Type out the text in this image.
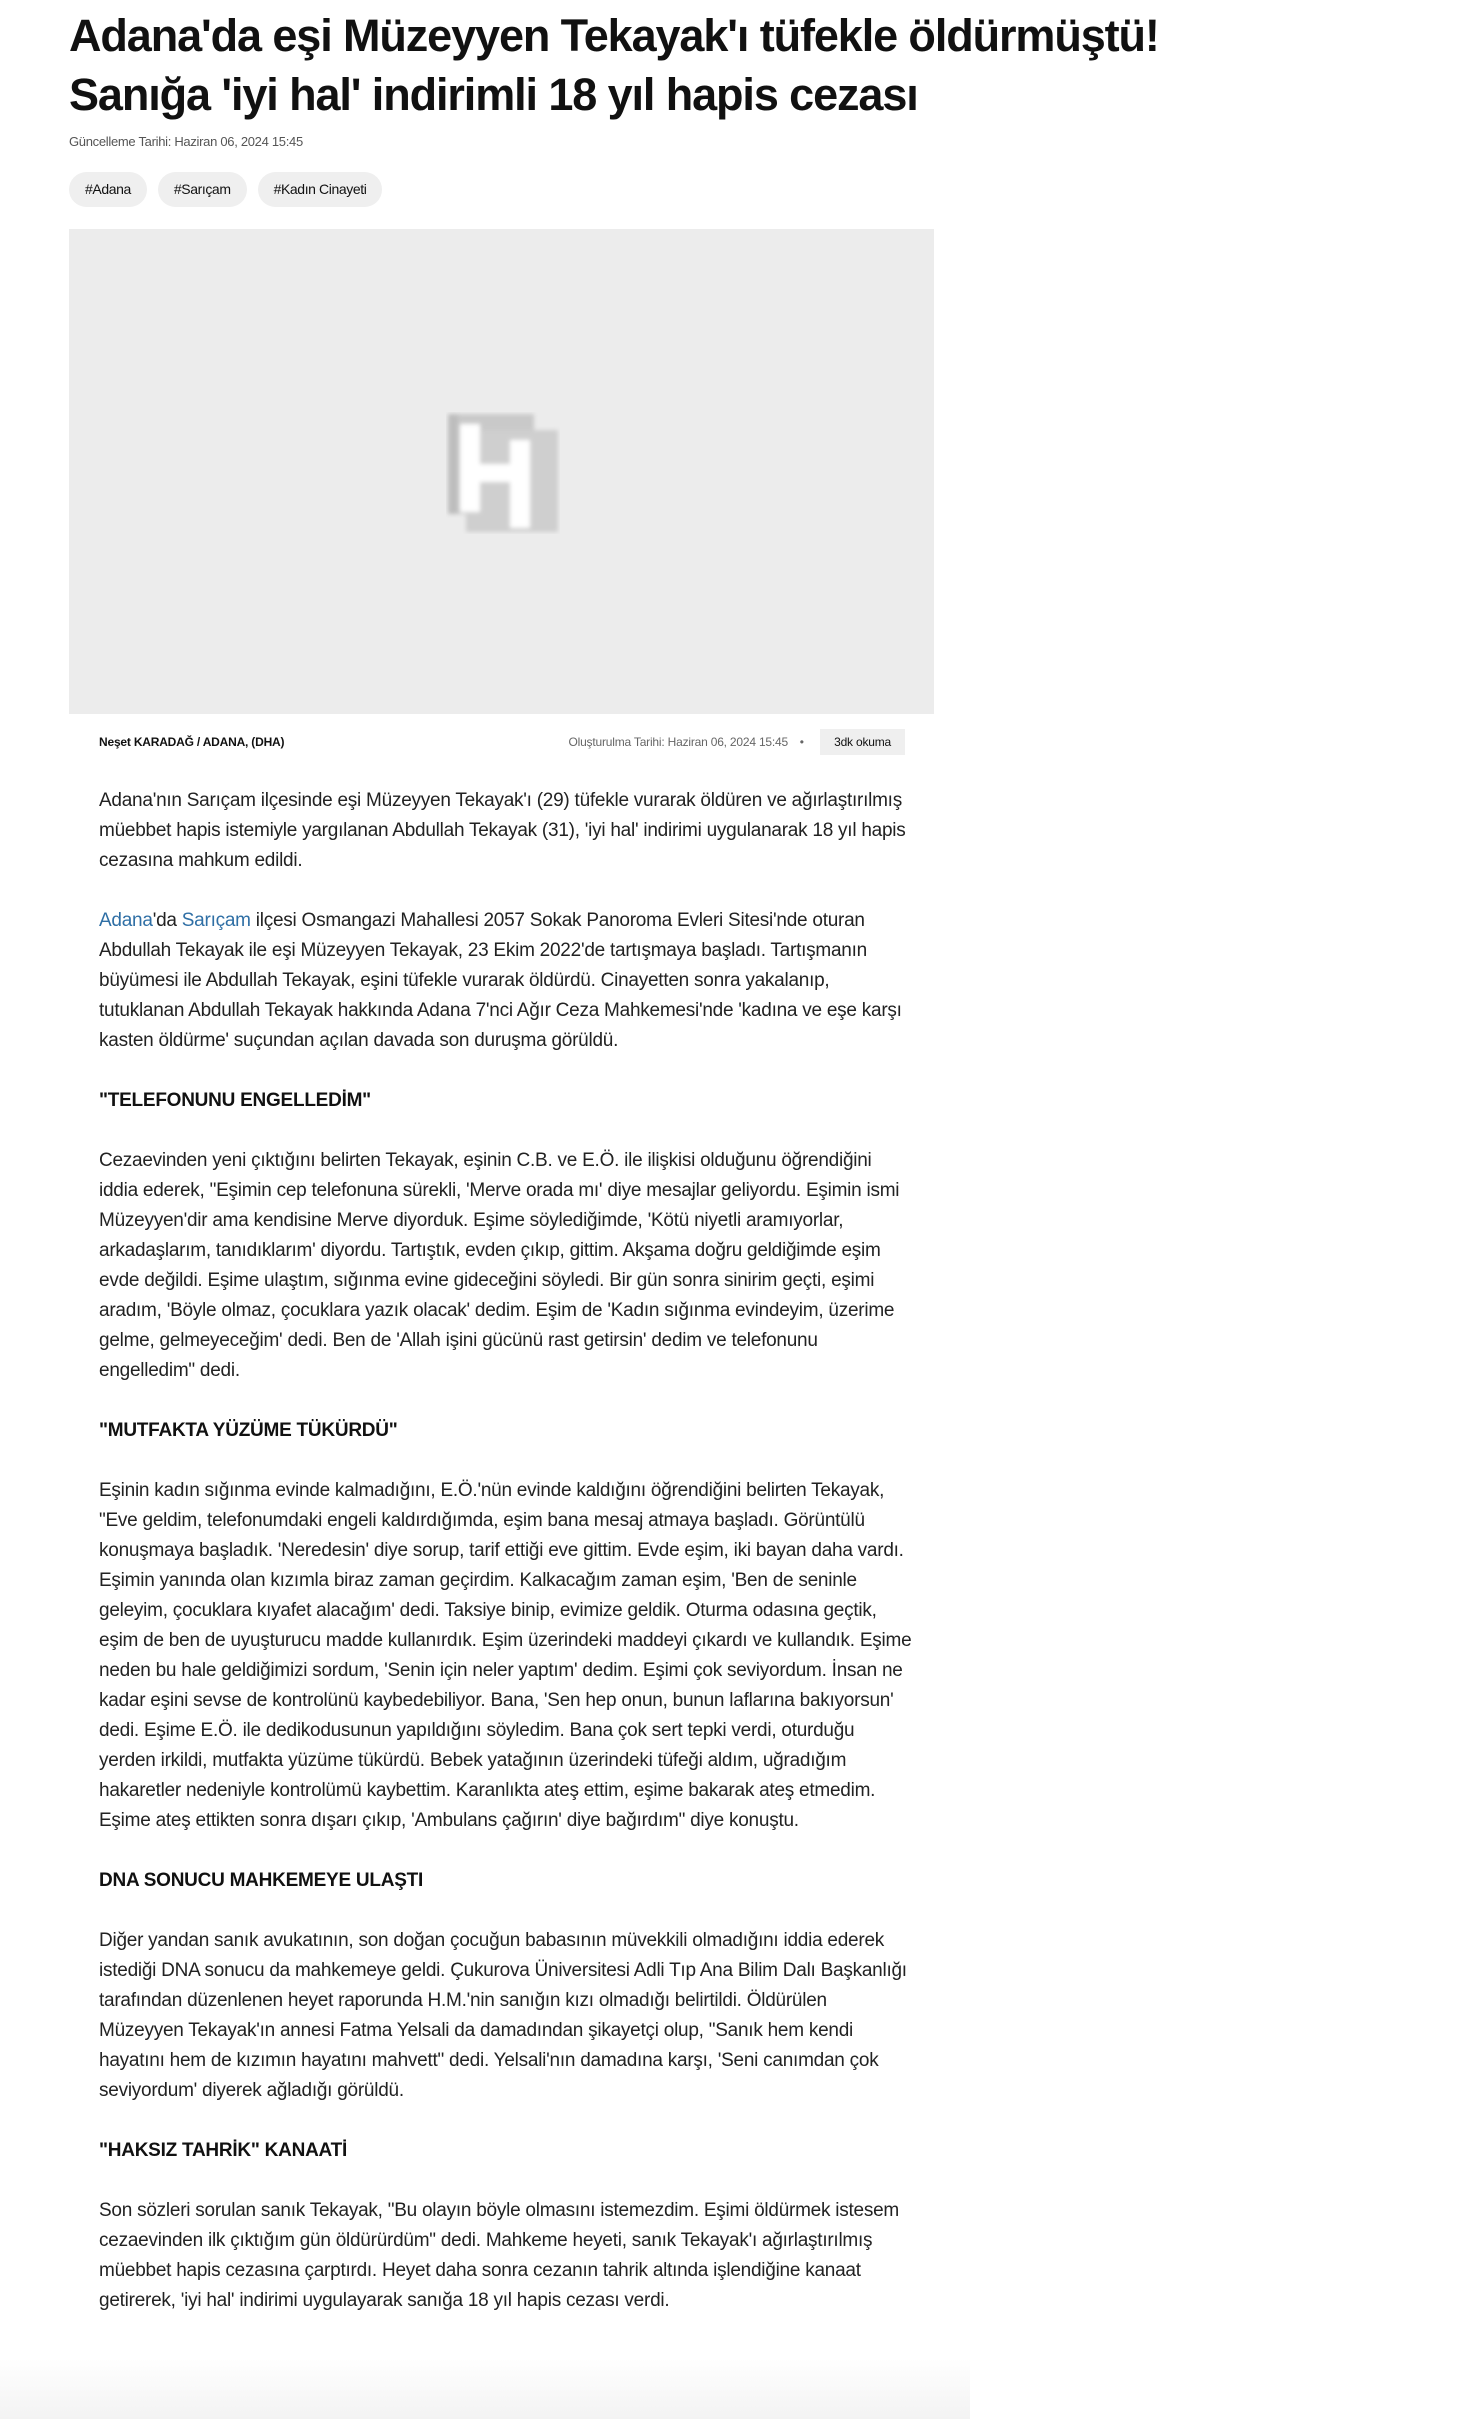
Adana'da eşi Müzeyyen Tekayak'ı tüfekle öldürmüştü! Sanığa 'iyi hal' indirimli 18 yıl hapis cezası
Güncelleme Tarihi: Haziran 06, 2024 15:45
#Adana	#Sarıçam	#Kadın Cinayeti
Neşet KARADAĞ / ADANA, (DHA)	Oluşturulma Tarihi: Haziran 06, 2024 15:45 •	3dk okuma

Adana'nın Sarıçam ilçesinde eşi Müzeyyen Tekayak'ı (29) tüfekle vurarak öldüren ve ağırlaştırılmış müebbet hapis istemiyle yargılanan Abdullah Tekayak (31), 'iyi hal' indirimi uygulanarak 18 yıl hapis cezasına mahkum edildi.

Adana'da Sarıçam ilçesi Osmangazi Mahallesi 2057 Sokak Panoroma Evleri Sitesi'nde oturan Abdullah Tekayak ile eşi Müzeyyen Tekayak, 23 Ekim 2022'de tartışmaya başladı. Tartışmanın büyümesi ile Abdullah Tekayak, eşini tüfekle vurarak öldürdü. Cinayetten sonra yakalanıp, tutuklanan Abdullah Tekayak hakkında Adana 7'nci Ağır Ceza Mahkemesi'nde 'kadına ve eşe karşı kasten öldürme' suçundan açılan davada son duruşma görüldü.

"TELEFONUNU ENGELLEDİM"

Cezaevinden yeni çıktığını belirten Tekayak, eşinin C.B. ve E.Ö. ile ilişkisi olduğunu öğrendiğini iddia ederek, "Eşimin cep telefonuna sürekli, 'Merve orada mı' diye mesajlar geliyordu. Eşimin ismi Müzeyyen'dir ama kendisine Merve diyorduk. Eşime söylediğimde, 'Kötü niyetli aramıyorlar, arkadaşlarım, tanıdıklarım' diyordu. Tartıştık, evden çıkıp, gittim. Akşama doğru geldiğimde eşim evde değildi. Eşime ulaştım, sığınma evine gideceğini söyledi. Bir gün sonra sinirim geçti, eşimi aradım, 'Böyle olmaz, çocuklara yazık olacak' dedim. Eşim de 'Kadın sığınma evindeyim, üzerime gelme, gelmeyeceğim' dedi. Ben de 'Allah işini gücünü rast getirsin' dedim ve telefonunu engelledim" dedi.

"MUTFAKTA YÜZÜME TÜKÜRDÜ"

Eşinin kadın sığınma evinde kalmadığını, E.Ö.'nün evinde kaldığını öğrendiğini belirten Tekayak, "Eve geldim, telefonumdaki engeli kaldırdığımda, eşim bana mesaj atmaya başladı. Görüntülü konuşmaya başladık. 'Neredesin' diye sorup, tarif ettiği eve gittim. Evde eşim, iki bayan daha vardı. Eşimin yanında olan kızımla biraz zaman geçirdim. Kalkacağım zaman eşim, 'Ben de seninle geleyim, çocuklara kıyafet alacağım' dedi. Taksiye binip, evimize geldik. Oturma odasına geçtik, eşim de ben de uyuşturucu madde kullanırdık. Eşim üzerindeki maddeyi çıkardı ve kullandık. Eşime neden bu hale geldiğimizi sordum, 'Senin için neler yaptım' dedim. Eşimi çok seviyordum. İnsan ne kadar eşini sevse de kontrolünü kaybedebiliyor. Bana, 'Sen hep onun, bunun laflarına bakıyorsun' dedi. Eşime E.Ö. ile dedikodusunun yapıldığını söyledim. Bana çok sert tepki verdi, oturduğu yerden irkildi, mutfakta yüzüme tükürdü. Bebek yatağının üzerindeki tüfeği aldım, uğradığım hakaretler nedeniyle kontrolümü kaybettim. Karanlıkta ateş ettim, eşime bakarak ateş etmedim. Eşime ateş ettikten sonra dışarı çıkıp, 'Ambulans çağırın' diye bağırdım" diye konuştu.

DNA SONUCU MAHKEMEYE ULAŞTI

Diğer yandan sanık avukatının, son doğan çocuğun babasının müvekkili olmadığını iddia ederek istediği DNA sonucu da mahkemeye geldi. Çukurova Üniversitesi Adli Tıp Ana Bilim Dalı Başkanlığı tarafından düzenlenen heyet raporunda H.M.'nin sanığın kızı olmadığı belirtildi. Öldürülen Müzeyyen Tekayak'ın annesi Fatma Yelsali da damadından şikayetçi olup, "Sanık hem kendi hayatını hem de kızımın hayatını mahvett" dedi. Yelsali'nın damadına karşı, 'Seni canımdan çok seviyordum' diyerek ağladığı görüldü.

"HAKSIZ TAHRİK" KANAATİ

Son sözleri sorulan sanık Tekayak, "Bu olayın böyle olmasını istemezdim. Eşimi öldürmek istesem cezaevinden ilk çıktığım gün öldürürdüm" dedi. Mahkeme heyeti, sanık Tekayak'ı ağırlaştırılmış müebbet hapis cezasına çarptırdı. Heyet daha sonra cezanın tahrik altında işlendiğine kanaat getirerek, 'iyi hal' indirimi uygulayarak sanığa 18 yıl hapis cezası verdi.
